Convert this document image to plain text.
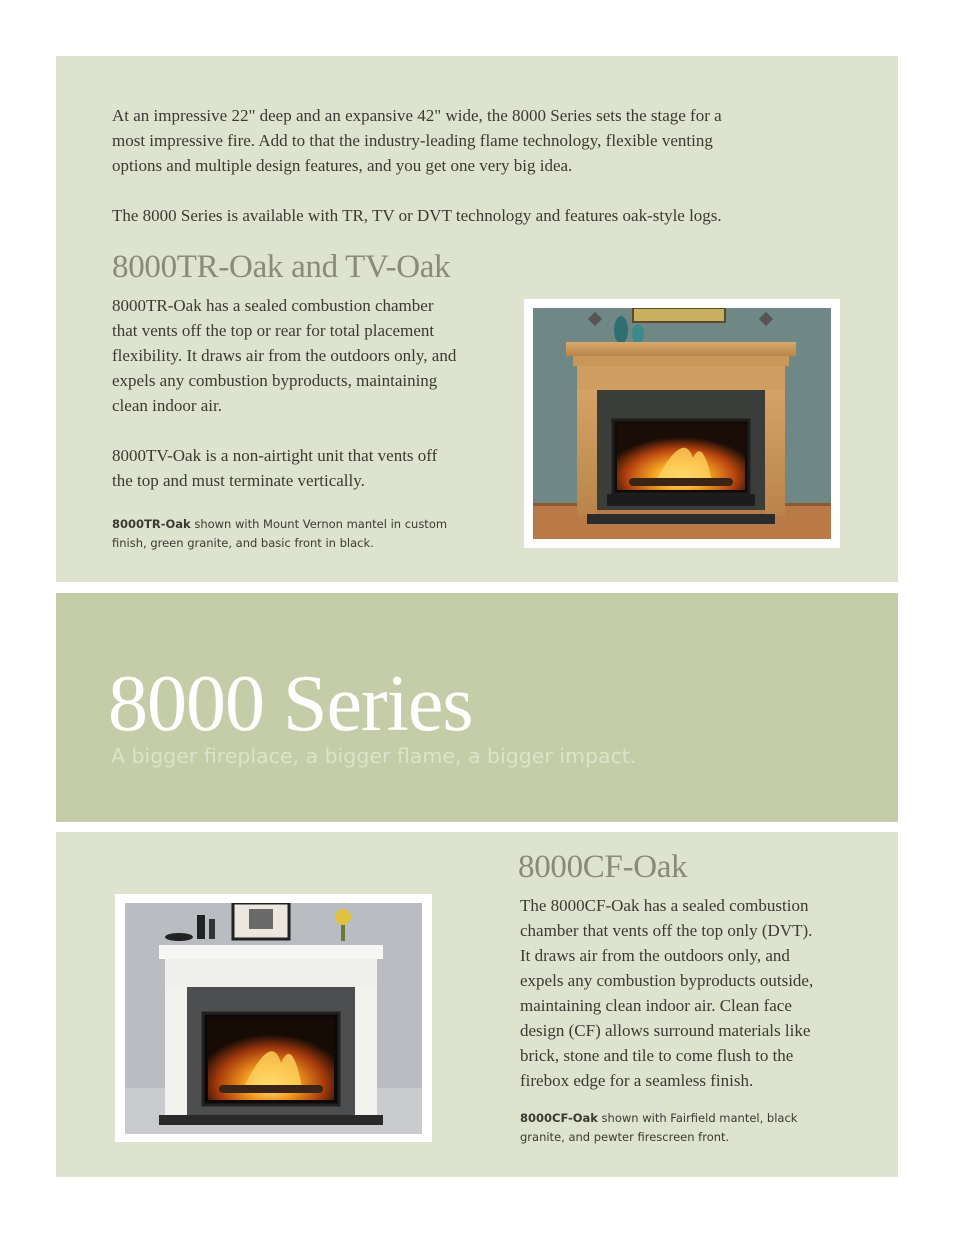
At an impressive 22" deep and an expansive 42" wide, the 8000 Series sets the stage for a
most impressive fire. Add to that the industry-leading flame technology, flexible venting
options and multiple design features, and you get one very big idea.

The 8000 Series is available with TR, TV or DVT technology and features oak-style logs.

8000TR-Oak and TV-Oak

8000TR-Oak has a sealed combustion chamber
that vents off the top or rear for total placement
flexibility. It draws air from the outdoors only, and
expels any combustion byproducts, maintaining
clean indoor air.

8000TV-Oak is a non-airtight unit that vents off
the top and must terminate vertically.

8000TR-Oak shown with Mount Vernon mantel in custom
finish, green granite, and basic front in black.

8000 Series

A bigger fireplace, a bigger flame, a bigger impact.

8000CF-Oak

The 8000CF-Oak has a sealed combustion
chamber that vents off the top only (DVT).
It draws air from the outdoors only, and
expels any combustion byproducts outside,
maintaining clean indoor air. Clean face
design (CF) allows surround materials like
brick, stone and tile to come flush to the
firebox edge for a seamless finish.

8000CF-Oak shown with Fairfield mantel, black
granite, and pewter firescreen front.
